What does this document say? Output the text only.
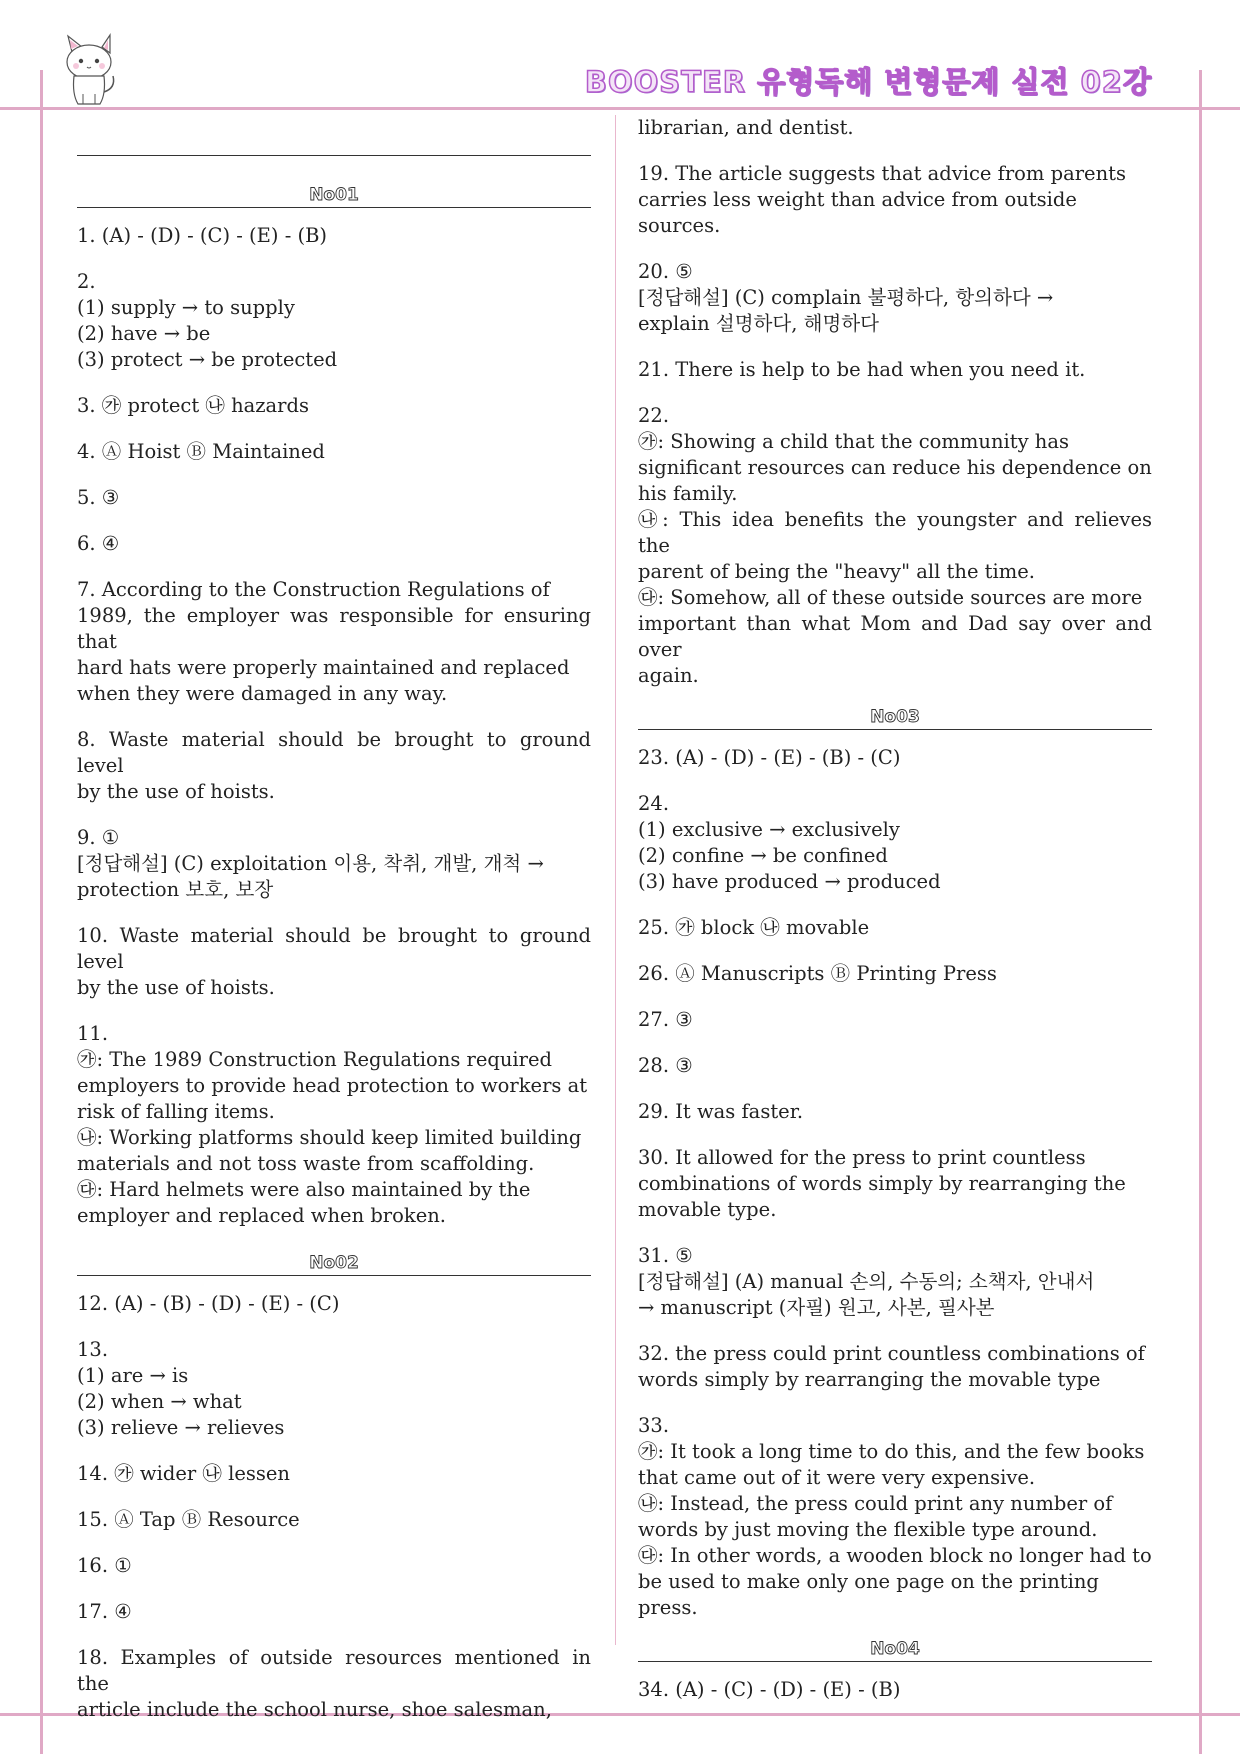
BOOSTER 유형독해 변형문제 실전 02강
No01
1. (A) - (D) - (C) - (E) - (B)
2.
(1) supply → to supply
(2) have → be
(3) protect → be protected
3. ㉮ protect ㉯ hazards
4. Ⓐ Hoist Ⓑ Maintained
5. ③
6. ④
7. According to the Construction Regulations of
1989, the employer was responsible for ensuring that
hard hats were properly maintained and replaced
when they were damaged in any way.
8. Waste material should be brought to ground level
by the use of hoists.
9. ①
[정답해설] (C) exploitation 이용, 착취, 개발, 개척 →
protection 보호, 보장
10. Waste material should be brought to ground level
by the use of hoists.
11.
㉮: The 1989 Construction Regulations required
employers to provide head protection to workers at
risk of falling items.
㉯: Working platforms should keep limited building
materials and not toss waste from scaffolding.
㉰: Hard helmets were also maintained by the
employer and replaced when broken.
No02
12. (A) - (B) - (D) - (E) - (C)
13.
(1) are → is
(2) when → what
(3) relieve → relieves
14. ㉮ wider ㉯ lessen
15. Ⓐ Tap Ⓑ Resource
16. ①
17. ④
18. Examples of outside resources mentioned in the
article include the school nurse, shoe salesman,
librarian, and dentist.
19. The article suggests that advice from parents
carries less weight than advice from outside sources.
20. ⑤
[정답해설] (C) complain 불평하다, 항의하다 →
explain 설명하다, 해명하다
21. There is help to be had when you need it.
22.
㉮: Showing a child that the community has
significant resources can reduce his dependence on
his family.
㉯: This idea benefits the youngster and relieves the
parent of being the "heavy" all the time.
㉰: Somehow, all of these outside sources are more
important than what Mom and Dad say over and over
again.
No03
23. (A) - (D) - (E) - (B) - (C)
24.
(1) exclusive → exclusively
(2) confine → be confined
(3) have produced → produced
25. ㉮ block ㉯ movable
26. Ⓐ Manuscripts Ⓑ Printing Press
27. ③
28. ③
29. It was faster.
30. It allowed for the press to print countless
combinations of words simply by rearranging the
movable type.
31. ⑤
[정답해설] (A) manual 손의, 수동의; 소책자, 안내서
→ manuscript (자필) 원고, 사본, 필사본
32. the press could print countless combinations of
words simply by rearranging the movable type
33.
㉮: It took a long time to do this, and the few books
that came out of it were very expensive.
㉯: Instead, the press could print any number of
words by just moving the flexible type around.
㉰: In other words, a wooden block no longer had to
be used to make only one page on the printing
press.
No04
34. (A) - (C) - (D) - (E) - (B)
